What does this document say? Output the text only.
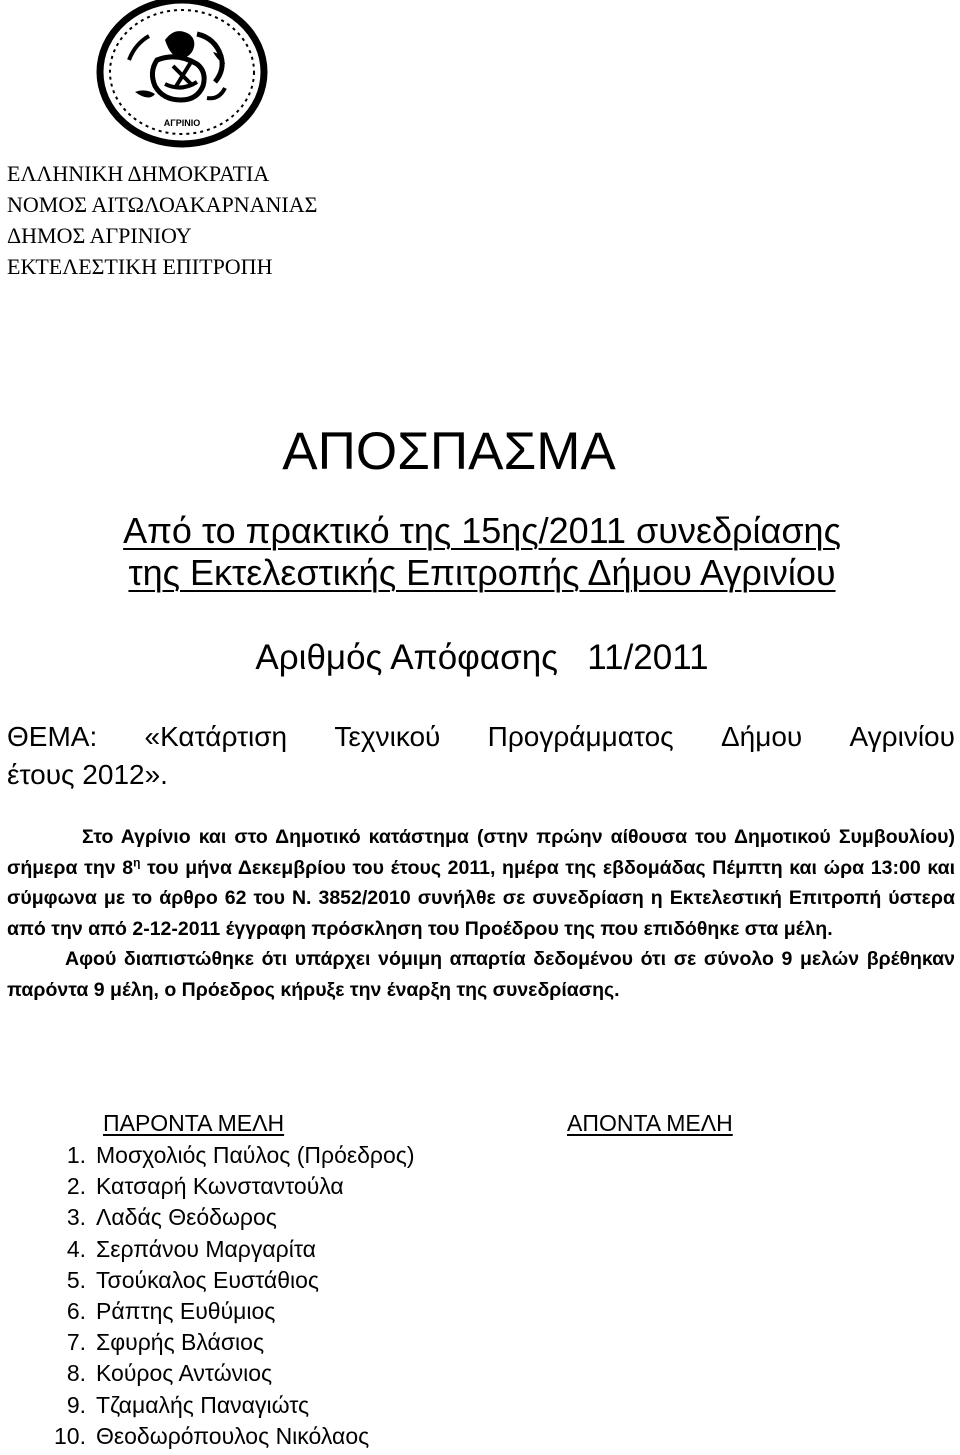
ΑΓΡΙΝΙΟ
ΕΛΛΗΝΙΚΗ ΔΗΜΟΚΡΑΤΙΑ
ΝΟΜΟΣ ΑΙΤΩΛΟΑΚΑΡΝΑΝΙΑΣ
ΔΗΜΟΣ ΑΓΡΙΝΙΟΥ
ΕΚΤΕΛΕΣΤΙΚΗ ΕΠΙΤΡΟΠΗ
ΑΠΟΣΠΑΣΜΑ
Από το πρακτικό της 15ης/2011 συνεδρίασης
της Εκτελεστικής Επιτροπής Δήμου Αγρινίου
Αριθμός Απόφασης 11/2011
ΘΕΜΑ: «Κατάρτιση Τεχνικού Προγράμματος Δήμου Αγρινίου
έτους 2012».

Στο Αγρίνιο και στο Δημοτικό κατάστημα (στην πρώην αίθουσα του Δημοτικού Συμβουλίου) σήμερα την $8^\eta$ του μήνα Δεκεμβρίου του έτους 2011, ημέρα της εβδομάδας Πέμπτη και ώρα 13:00 και σύμφωνα με το άρθρο 62 του Ν. 3852/2010 συνήλθε σε συνεδρίαση η Εκτελεστική Επιτροπή ύστερα από την από 2-12-2011 έγγραφη πρόσκληση του Προέδρου της που επιδόθηκε στα μέλη.

Αφού διαπιστώθηκε ότι υπάρχει νόμιμη απαρτία δεδομένου ότι σε σύνολο 9 μελών βρέθηκαν παρόντα 9 μέλη, ο Πρόεδρος κήρυξε την έναρξη της συνεδρίασης.

ΠΑΡΟΝΤΑ ΜΕΛΗ	ΑΠΟΝΤΑ ΜΕΛΗ
1. Μοσχολιός Παύλος (Πρόεδρος)
2. Κατσαρή Κωνσταντούλα
3. Λαδάς Θεόδωρος
4. Σερπάνου Μαργαρίτα
5. Τσούκαλος Ευστάθιος
6. Ράπτης Ευθύμιος
7. Σφυρής Βλάσιος
8. Κούρος Αντώνιος
9. Τζαμαλής Παναγιώτς
10. Θεοδωρόπουλος Νικόλαος
